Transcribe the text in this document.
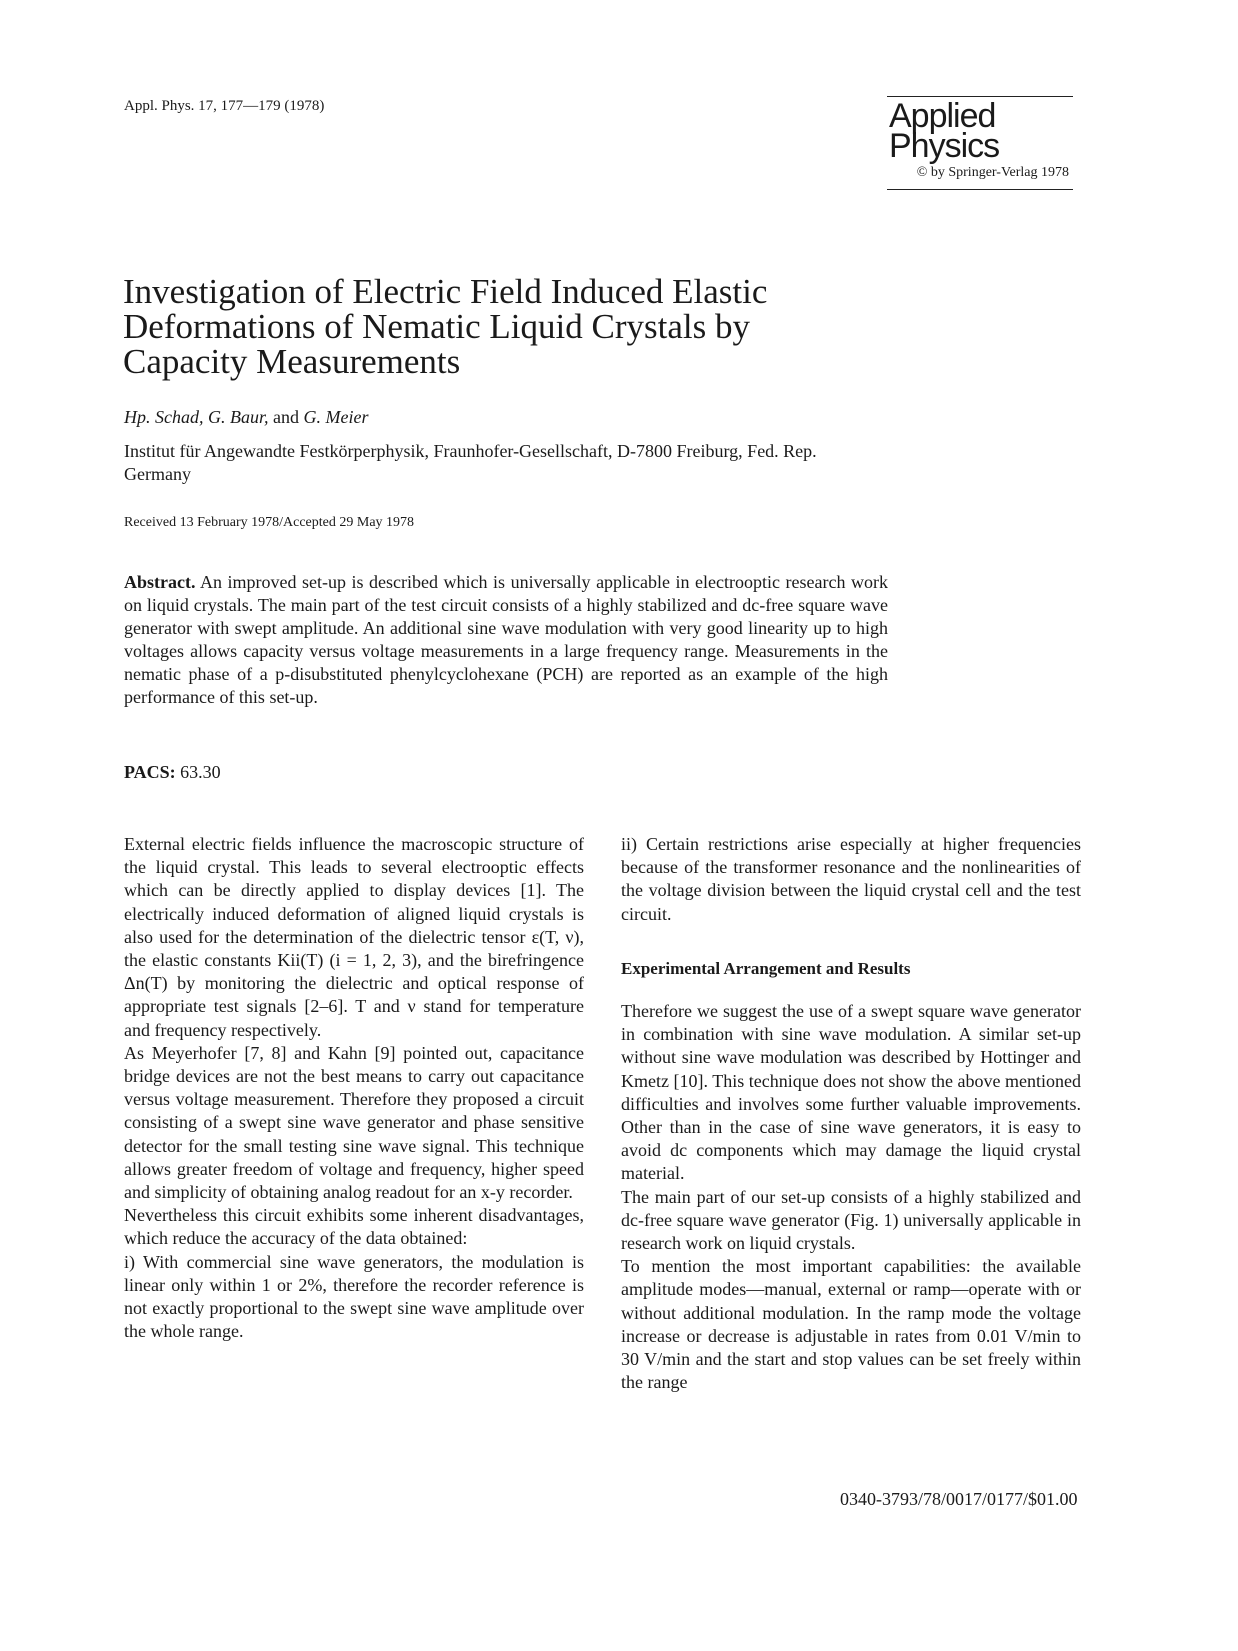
Appl. Phys. 17, 177—179 (1978)	Applied
Physics
© by Springer-Verlag 1978
Investigation of Electric Field Induced Elastic Deformations of Nematic Liquid Crystals by Capacity Measurements
Hp. Schad, G. Baur, and G. Meier
Institut für Angewandte Festkörperphysik, Fraunhofer-Gesellschaft, D-7800 Freiburg, Fed. Rep. Germany
Received 13 February 1978/Accepted 29 May 1978
Abstract. An improved set-up is described which is universally applicable in electrooptic research work on liquid crystals. The main part of the test circuit consists of a highly stabilized and dc-free square wave generator with swept amplitude. An additional sine wave modulation with very good linearity up to high voltages allows capacity versus voltage measurements in a large frequency range. Measurements in the nematic phase of a p-disubstituted phenylcyclohexane (PCH) are reported as an example of the high performance of this set-up.
PACS: 63.30

External electric fields influence the macroscopic structure of the liquid crystal. This leads to several electrooptic effects which can be directly applied to display devices [1]. The electrically induced deformation of aligned liquid crystals is also used for the determination of the dielectric tensor ε(T, ν), the elastic constants Kii(T) (i = 1, 2, 3), and the birefringence Δn(T) by monitoring the dielectric and optical response of appropriate test signals [2–6]. T and ν stand for temperature and frequency respectively.

As Meyerhofer [7, 8] and Kahn [9] pointed out, capacitance bridge devices are not the best means to carry out capacitance versus voltage measurement. Therefore they proposed a circuit consisting of a swept sine wave generator and phase sensitive detector for the small testing sine wave signal. This technique allows greater freedom of voltage and frequency, higher speed and simplicity of obtaining analog readout for an x-y recorder.

Nevertheless this circuit exhibits some inherent disadvantages, which reduce the accuracy of the data obtained:

i) With commercial sine wave generators, the modulation is linear only within 1 or 2%, therefore the recorder reference is not exactly proportional to the swept sine wave amplitude over the whole range.

ii) Certain restrictions arise especially at higher frequencies because of the transformer resonance and the nonlinearities of the voltage division between the liquid crystal cell and the test circuit.

Experimental Arrangement and Results

Therefore we suggest the use of a swept square wave generator in combination with sine wave modulation. A similar set-up without sine wave modulation was described by Hottinger and Kmetz [10]. This technique does not show the above mentioned difficulties and involves some further valuable improvements. Other than in the case of sine wave generators, it is easy to avoid dc components which may damage the liquid crystal material.

The main part of our set-up consists of a highly stabilized and dc-free square wave generator (Fig. 1) universally applicable in research work on liquid crystals.

To mention the most important capabilities: the available amplitude modes—manual, external or ramp—operate with or without additional modulation. In the ramp mode the voltage increase or decrease is adjustable in rates from 0.01 V/min to 30 V/min and the start and stop values can be set freely within the range

0340-3793/78/0017/0177/$01.00
